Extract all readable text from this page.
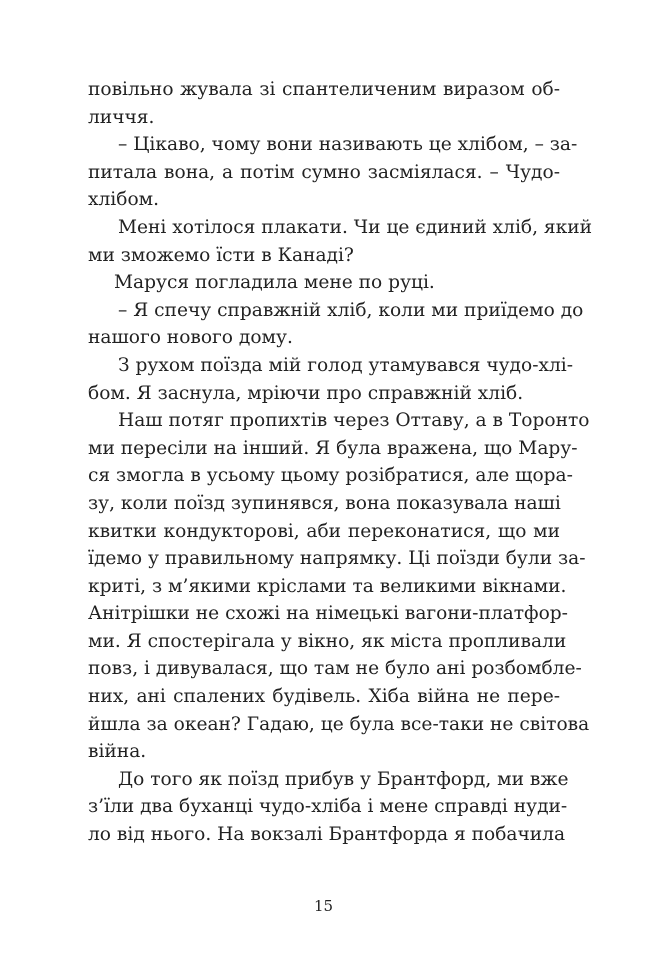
повільно жувала зі спантеличеним виразом об-
личчя.
– Цікаво, чому вони називають це хлібом, – за-
питала вона, а потім сумно засміялася. – Чудо-
хлібом.
Мені хотілося плакати. Чи це єдиний хліб, який
ми зможемо їсти в Канаді?
Маруся погладила мене по руці.
– Я спечу справжній хліб, коли ми приїдемо до
нашого нового дому.
З рухом поїзда мій голод утамувався чудо-хлі-
бом. Я заснула, мріючи про справжній хліб.
Наш потяг пропихтів через Оттаву, а в Торонто
ми пересіли на інший. Я була вражена, що Мару-
ся змогла в усьому цьому розібратися, але щора-
зу, коли поїзд зупинявся, вона показувала наші
квитки кондукторові, аби переконатися, що ми
їдемо у правильному напрямку. Ці поїзди були за-
криті, з м’якими кріслами та великими вікнами.
Анітрішки не схожі на німецькі вагони-платфор-
ми. Я спостерігала у вікно, як міста пропливали
повз, і дивувалася, що там не було ані розбомбле-
них, ані спалених будівель. Хіба війна не пере-
йшла за океан? Гадаю, це була все-таки не світова
війна.
До того як поїзд прибув у Брантфорд, ми вже
з’їли два буханці чудо-хліба і мене справді нуди-
ло від нього. На вокзалі Брантфорда я побачила
15
